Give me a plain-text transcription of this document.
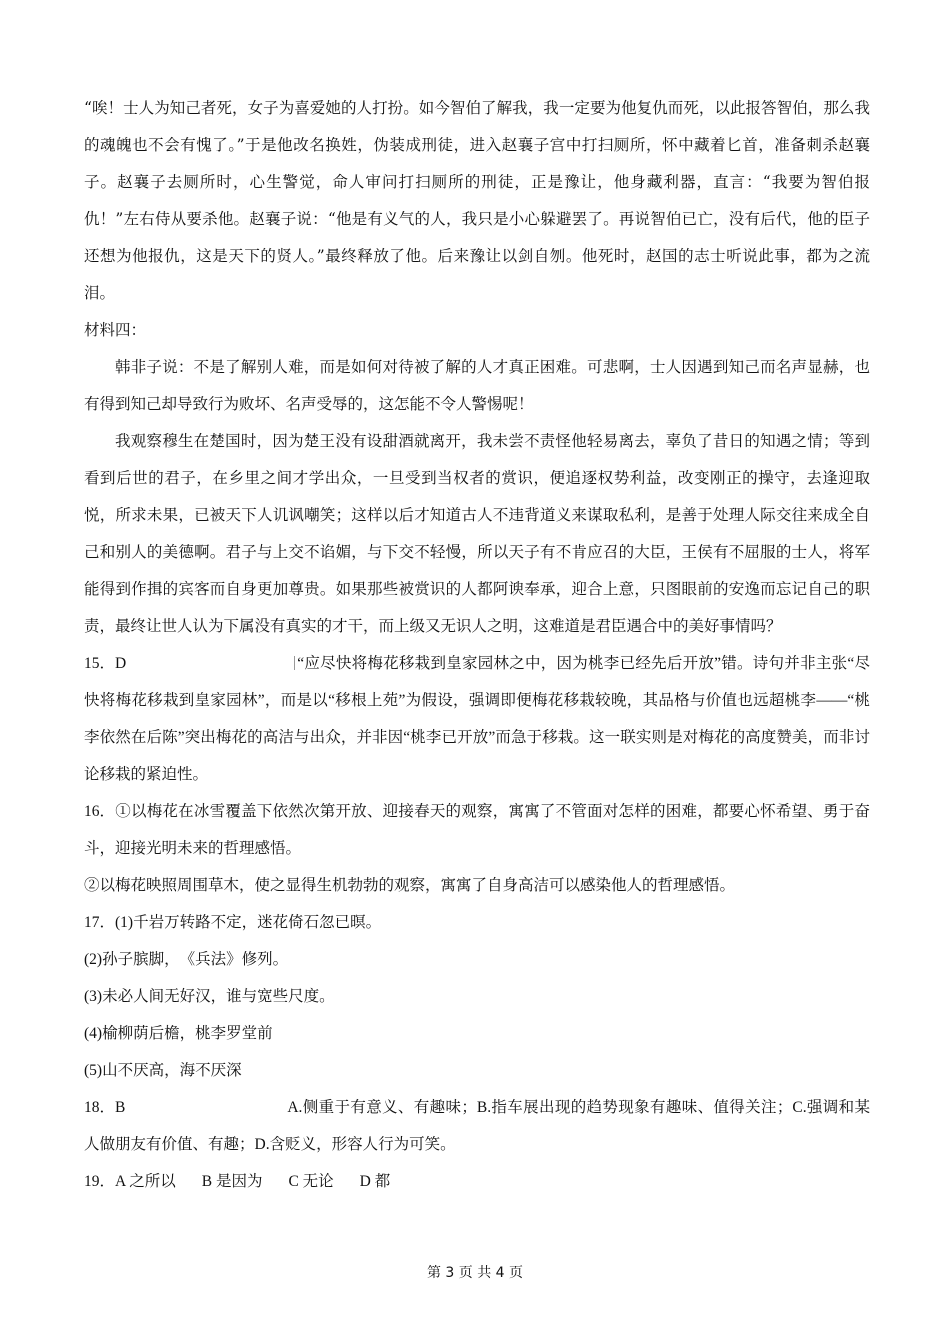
“唉！士人为知己者死，女子为喜爱她的人打扮。如今智伯了解我，我一定要为他复仇而死，以此报答智伯，那么我的魂魄也不会有愧了。”于是他改名换姓，伪装成刑徒，进入赵襄子宫中打扫厕所，怀中藏着匕首，准备刺杀赵襄子。赵襄子去厕所时，心生警觉，命人审问打扫厕所的刑徒，正是豫让，他身藏利器，直言：“我要为智伯报仇！”左右侍从要杀他。赵襄子说：“他是有义气的人，我只是小心躲避罢了。再说智伯已亡，没有后代，他的臣子还想为他报仇，这是天下的贤人。”最终释放了他。后来豫让以剑自刎。他死时，赵国的志士听说此事，都为之流泪。

材料四：

韩非子说：不是了解别人难，而是如何对待被了解的人才真正困难。可悲啊，士人因遇到知己而名声显赫，也有得到知己却导致行为败坏、名声受辱的，这怎能不令人警惕呢！

我观察穆生在楚国时，因为楚王没有设甜酒就离开，我未尝不责怪他轻易离去，辜负了昔日的知遇之情；等到看到后世的君子，在乡里之间才学出众，一旦受到当权者的赏识，便追逐权势利益，改变刚正的操守，去逢迎取悦，所求未果，已被天下人讥讽嘲笑；这样以后才知道古人不违背道义来谋取私利，是善于处理人际交往来成全自己和别人的美德啊。君子与上交不谄媚，与下交不轻慢，所以天子有不肯应召的大臣，王侯有不屈服的士人，将军能得到作揖的宾客而自身更加尊贵。如果那些被赏识的人都阿谀奉承，迎合上意，只图眼前的安逸而忘记自己的职责，最终让世人认为下属没有真实的才干，而上级又无识人之明，这难道是君臣遇合中的美好事情吗？

15．D	“应尽快将梅花移栽到皇家园林之中，因为桃李已经先后开放”错。诗句并非主张“尽快将梅花移栽到皇家园林”，而是以“移根上苑”为假设，强调即便梅花移栽较晚，其品格与价值也远超桃李——“桃李依然在后陈”突出梅花的高洁与出众，并非因“桃李已开放”而急于移栽。这一联实则是对梅花的高度赞美，而非讨论移栽的紧迫性。

16．①以梅花在冰雪覆盖下依然次第开放、迎接春天的观察，寓寓了不管面对怎样的困难，都要心怀希望、勇于奋斗，迎接光明未来的哲理感悟。

②以梅花映照周围草木，使之显得生机勃勃的观察，寓寓了自身高洁可以感染他人的哲理感悟。

17．(1)千岩万转路不定，迷花倚石忽已暝。

(2)孙子膑脚，　《兵法》修列。

(3)未必人间无好汉，谁与宽些尺度。

(4)榆柳荫后檐，桃李罗堂前

(5)山不厌高，海不厌深

18．B	A.侧重于有意义、有趣味；B.指车展出现的趋势现象有趣味、值得关注；C.强调和某人做朋友有价值、有趣；D.含贬义，形容人行为可笑。

19．A 之所以 B 是因为 C 无论 D 都

第 3 页 共 4 页
